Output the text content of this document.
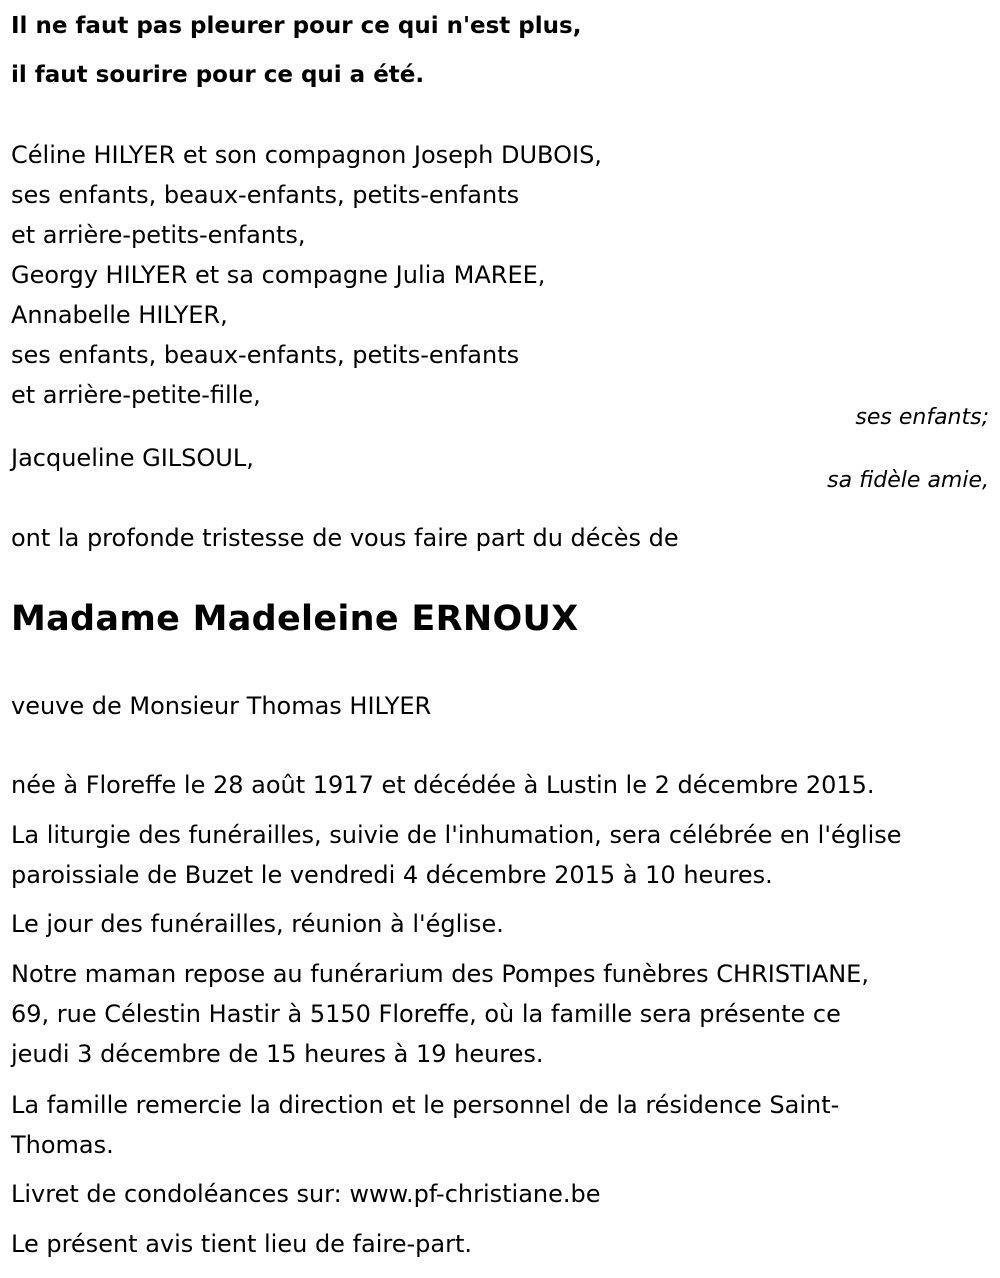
Il ne faut pas pleurer pour ce qui n'est plus,

il faut sourire pour ce qui a été.

Céline HILYER et son compagnon Joseph DUBOIS,

ses enfants, beaux-enfants, petits-enfants

et arrière-petits-enfants,

Georgy HILYER et sa compagne Julia MAREE,

Annabelle HILYER,

ses enfants, beaux-enfants, petits-enfants

et arrière-petite-fille,

ses enfants;

Jacqueline GILSOUL,

sa fidèle amie,

ont la profonde tristesse de vous faire part du décès de

Madame Madeleine ERNOUX

veuve de Monsieur Thomas HILYER

née à Floreffe le 28 août 1917 et décédée à Lustin le 2 décembre 2015.

La liturgie des funérailles, suivie de l'inhumation, sera célébrée en l'église

paroissiale de Buzet le vendredi 4 décembre 2015 à 10 heures.

Le jour des funérailles, réunion à l'église.

Notre maman repose au funérarium des Pompes funèbres CHRISTIANE,

69, rue Célestin Hastir à 5150 Floreffe, où la famille sera présente ce

jeudi 3 décembre de 15 heures à 19 heures.

La famille remercie la direction et le personnel de la résidence Saint-

Thomas.

Livret de condoléances sur: www.pf-christiane.be

Le présent avis tient lieu de faire-part.
